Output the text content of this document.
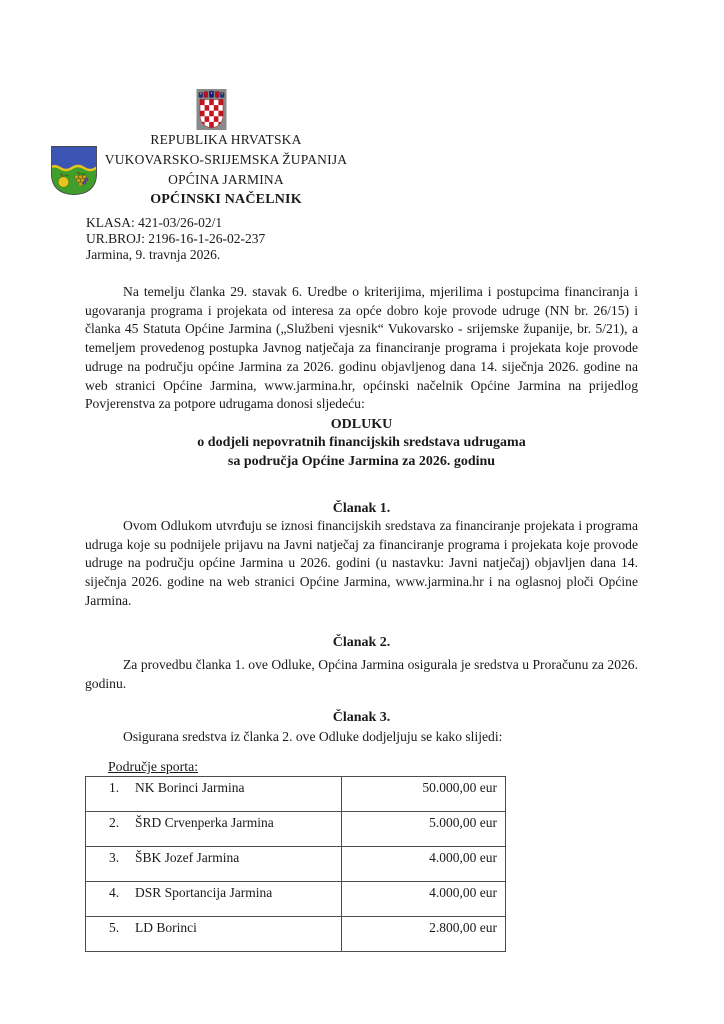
REPUBLIKA HRVATSKA
VUKOVARSKO-SRIJEMSKA ŽUPANIJA
OPĆINA JARMINA
OPĆINSKI NAČELNIK
KLASA: 421-03/26-02/1
UR.BROJ: 2196-16-1-26-02-237
Jarmina, 9. travnja 2026.

Na temelju članka 29. stavak 6. Uredbe o kriterijima, mjerilima i postupcima financiranja i ugovaranja programa i projekata od interesa za opće dobro koje provode udruge (NN br. 26/15) i članka 45 Statuta Općine Jarmina („Službeni vjesnik“ Vukovarsko - srijemske županije, br. 5/21), a temeljem provedenog postupka Javnog natječaja za financiranje programa i projekata koje provode udruge na području općine Jarmina za 2026. godinu objavljenog dana 14. siječnja 2026. godine na web stranici Općine Jarmina, www.jarmina.hr, općinski načelnik Općine Jarmina na prijedlog Povjerenstva za potpore udrugama donosi sljedeću:

ODLUKU
o dodjeli nepovratnih financijskih sredstava udrugama
sa područja Općine Jarmina za 2026. godinu
Članak 1.

Ovom Odlukom utvrđuju se iznosi financijskih sredstava za financiranje projekata i programa udruga koje su podnijele prijavu na Javni natječaj za financiranje programa i projekata koje provode udruge na području općine Jarmina u 2026. godini (u nastavku: Javni natječaj) objavljen dana 14. siječnja 2026. godine na web stranici Općine Jarmina, www.jarmina.hr i na oglasnoj ploči Općine Jarmina.

Članak 2.

Za provedbu članka 1. ove Odluke, Općina Jarmina osigurala je sredstva u Proračunu za 2026. godinu.

Članak 3.

Osigurana sredstva iz članka 2. ove Odluke dodjeljuju se kako slijedi:

Područje sporta:
1. NK Borinci Jarmina	50.000,00 eur
2. ŠRD Crvenperka Jarmina	5.000,00 eur
3. ŠBK Jozef Jarmina	4.000,00 eur
4. DSR Sportancija Jarmina	4.000,00 eur
5. LD Borinci	2.800,00 eur
